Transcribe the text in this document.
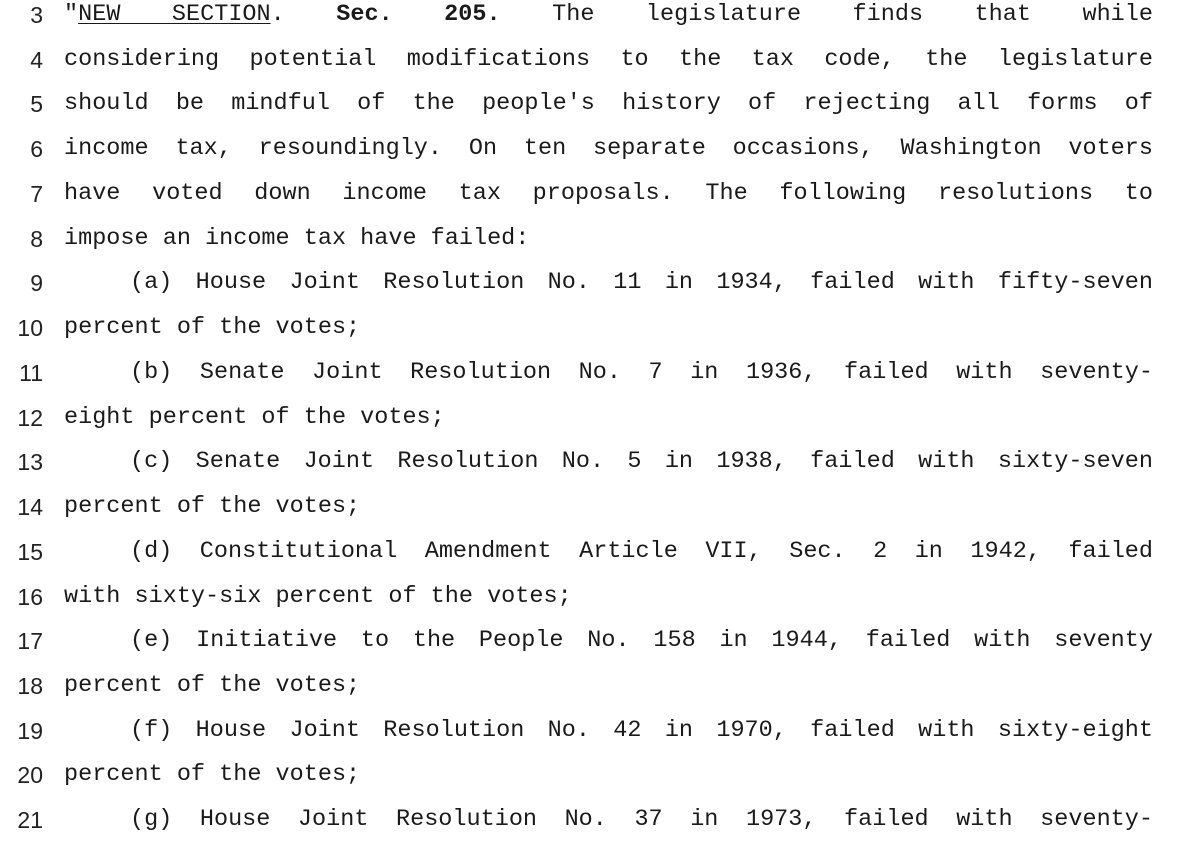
3 "NEW SECTION. Sec. 205. The legislature finds that while
4 considering potential modifications to the tax code, the legislature
5 should be mindful of the people's history of rejecting all forms of
6 income tax, resoundingly. On ten separate occasions, Washington voters
7 have voted down income tax proposals. The following resolutions to
8 impose an income tax have failed:
9	(a) House Joint Resolution No. 11 in 1934, failed with fifty-seven
10 percent of the votes;
11	(b) Senate Joint Resolution No. 7 in 1936, failed with seventy-
12 eight percent of the votes;
13	(c) Senate Joint Resolution No. 5 in 1938, failed with sixty-seven
14 percent of the votes;
15	(d) Constitutional Amendment Article VII, Sec. 2 in 1942, failed
16 with sixty-six percent of the votes;
17	(e) Initiative to the People No. 158 in 1944, failed with seventy
18 percent of the votes;
19	(f) House Joint Resolution No. 42 in 1970, failed with sixty-eight
20 percent of the votes;
21	(g) House Joint Resolution No. 37 in 1973, failed with seventy-
